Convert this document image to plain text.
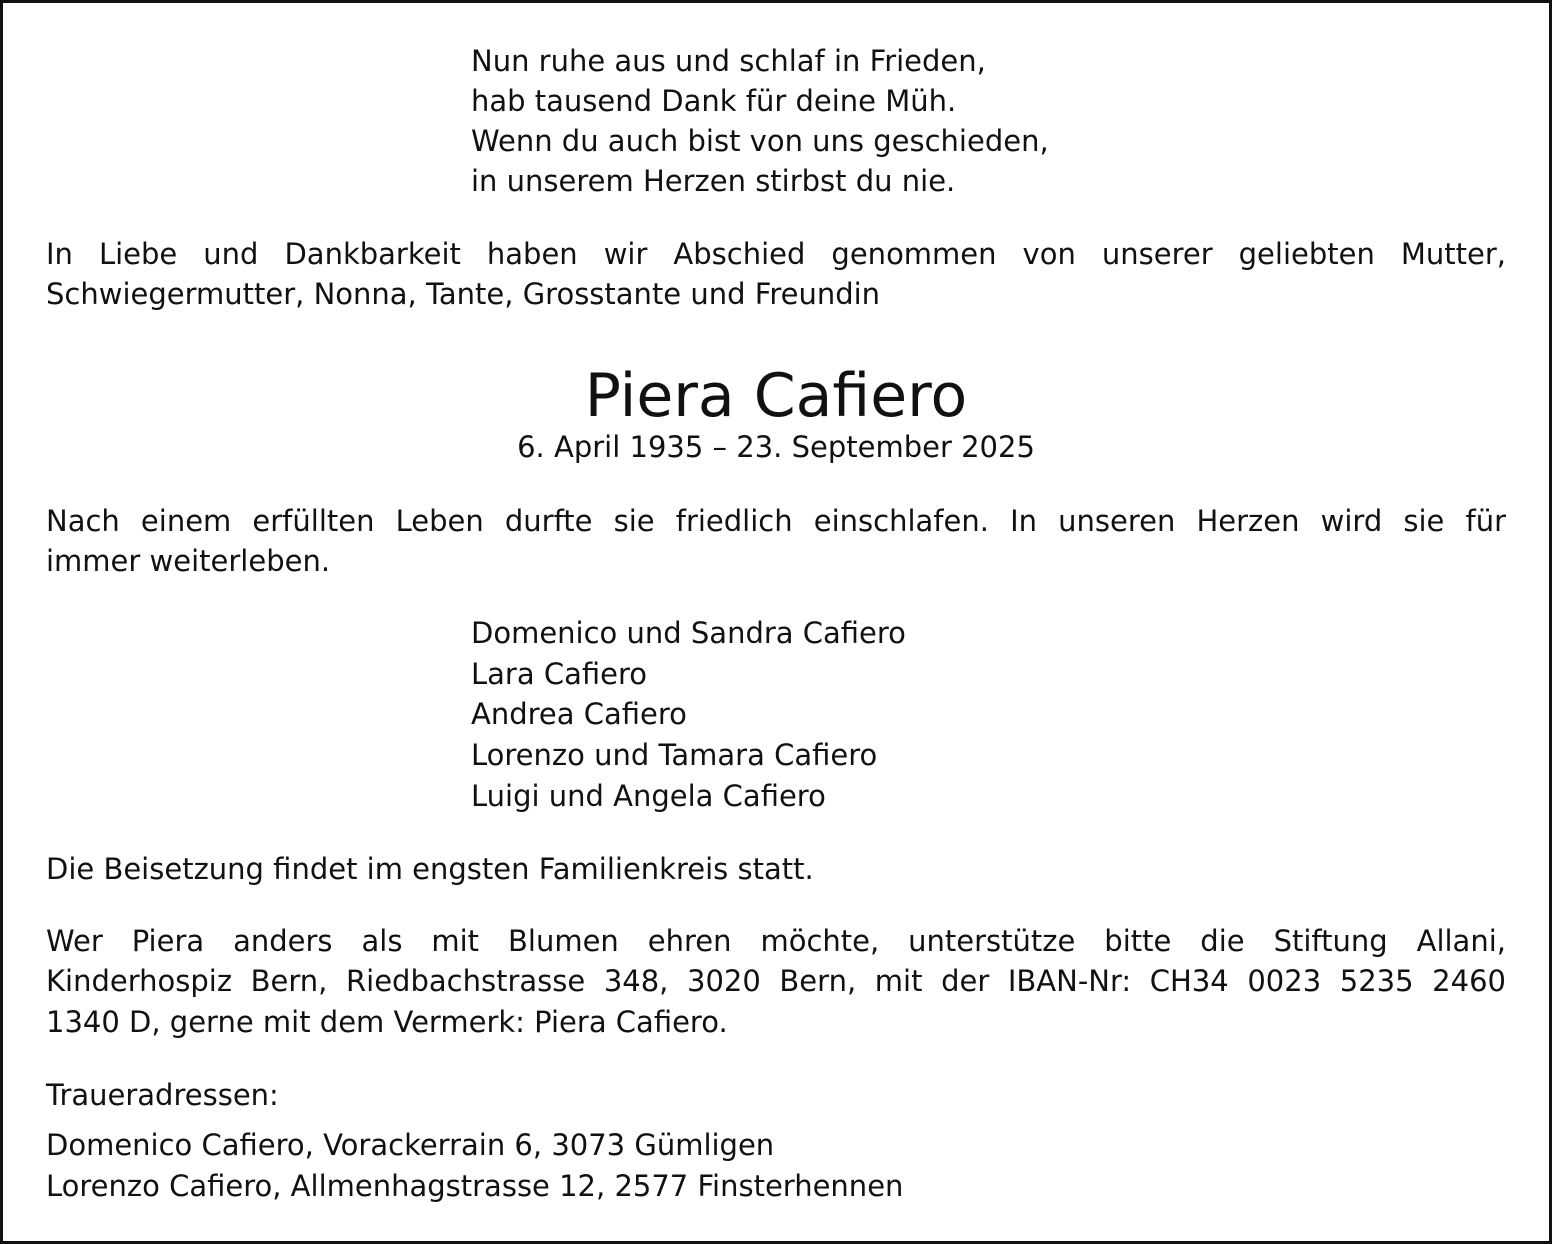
Nun ruhe aus und schlaf in Frieden,
hab tausend Dank für deine Müh.
Wenn du auch bist von uns geschieden,
in unserem Herzen stirbst du nie.
In Liebe und Dankbarkeit haben wir Abschied genommen von unserer geliebten Mutter,
Schwiegermutter, Nonna, Tante, Grosstante und Freundin
Piera Cafiero
6. April 1935 – 23. September 2025
Nach einem erfüllten Leben durfte sie friedlich einschlafen. In unseren Herzen wird sie für
immer weiterleben.
Domenico und Sandra Cafiero
Lara Cafiero
Andrea Cafiero
Lorenzo und Tamara Cafiero
Luigi und Angela Cafiero
Die Beisetzung findet im engsten Familienkreis statt.
Wer Piera anders als mit Blumen ehren möchte, unterstütze bitte die Stiftung Allani,
Kinderhospiz Bern, Riedbachstrasse 348, 3020 Bern, mit der IBAN-Nr: CH34 0023 5235 2460
1340 D, gerne mit dem Vermerk: Piera Cafiero.
Traueradressen:
Domenico Cafiero, Vorackerrain 6, 3073 Gümligen
Lorenzo Cafiero, Allmenhagstrasse 12, 2577 Finsterhennen
